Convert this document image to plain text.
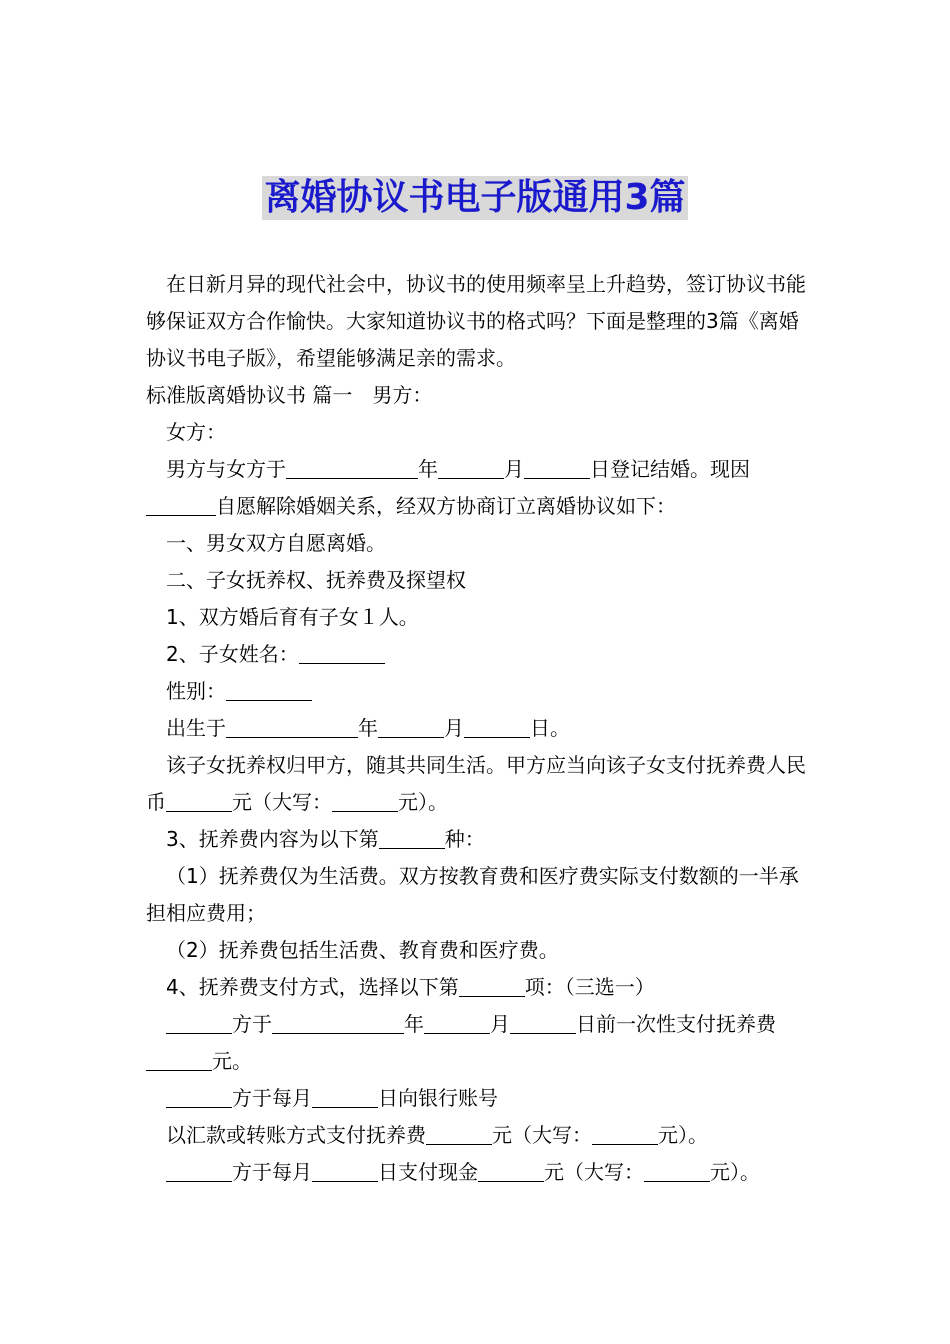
离婚协议书电子版通用3篇

在日新月异的现代社会中，协议书的使用频率呈上升趋势，签订协议书能够保证双方合作愉快。大家知道协议书的格式吗？下面是整理的3篇《离婚协议书电子版》，希望能够满足亲的需求。

标准版离婚协议书 篇一　男方：

女方：

男方与女方于	年	月	日登记结婚。现因自愿解除婚姻关系，经双方协商订立离婚协议如下：

一、男女双方自愿离婚。

二、子女抚养权、抚养费及探望权

1、双方婚后育有子女１人。

2、子女姓名：

性别：

出生于	年	月	日。

该子女抚养权归甲方，随其共同生活。甲方应当向该子女支付抚养费人民币	元（大写：	元）。

3、抚养费内容为以下第	种：

（1）抚养费仅为生活费。双方按教育费和医疗费实际支付数额的一半承担相应费用；

（2）抚养费包括生活费、教育费和医疗费。

4、抚养费支付方式，选择以下第	项：（三选一）

方于	年	月	日前一次性支付抚养费元。

方于每月	日向银行账号

以汇款或转账方式支付抚养费	元（大写：	元）。

方于每月	日支付现金	元（大写：	元）。
